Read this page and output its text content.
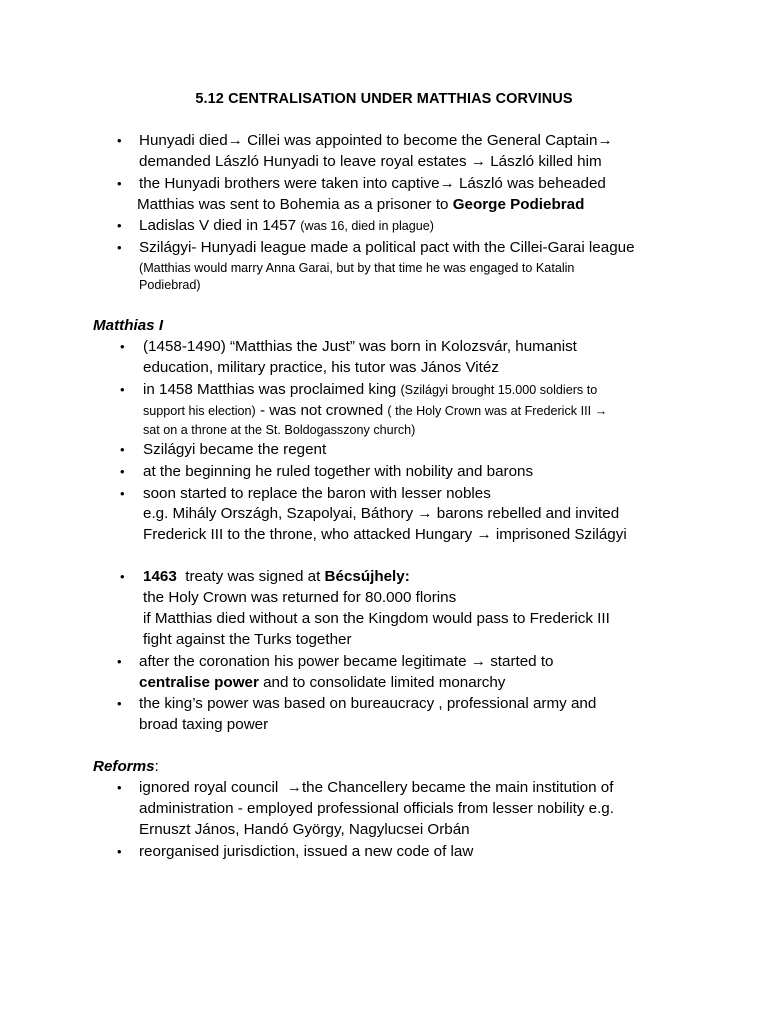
5.12 CENTRALISATION UNDER MATTHIAS CORVINUS
• Hunyadi died→ Cillei was appointed to become the General Captain→
demanded László Hunyadi to leave royal estates → László killed him
• the Hunyadi brothers were taken into captive→ László was beheaded
Matthias was sent to Bohemia as a prisoner to George Podiebrad
• Ladislas V died in 1457 (was 16, died in plague)
• Szilágyi- Hunyadi league made a political pact with the Cillei-Garai league
(Matthias would marry Anna Garai, but by that time he was engaged to Katalin
Podiebrad)
Matthias I
• (1458-1490) “Matthias the Just” was born in Kolozsvár, humanist
education, military practice, his tutor was János Vitéz
• in 1458 Matthias was proclaimed king (Szilágyi brought 15.000 soldiers to
support his election) - was not crowned ( the Holy Crown was at Frederick III →
sat on a throne at the St. Boldogasszony church)
• Szilágyi became the regent
• at the beginning he ruled together with nobility and barons
• soon started to replace the baron with lesser nobles
e.g. Mihály Országh, Szapolyai, Báthory → barons rebelled and invited
Frederick III to the throne, who attacked Hungary → imprisoned Szilágyi
• 1463  treaty was signed at Bécsújhely:
the Holy Crown was returned for 80.000 florins
if Matthias died without a son the Kingdom would pass to Frederick III
fight against the Turks together
• after the coronation his power became legitimate → started to
centralise power and to consolidate limited monarchy
• the king’s power was based on bureaucracy , professional army and
broad taxing power
Reforms:
• ignored royal council  →the Chancellery became the main institution of
administration - employed professional officials from lesser nobility e.g.
Ernuszt János, Handó György, Nagylucsei Orbán
• reorganised jurisdiction, issued a new code of law
